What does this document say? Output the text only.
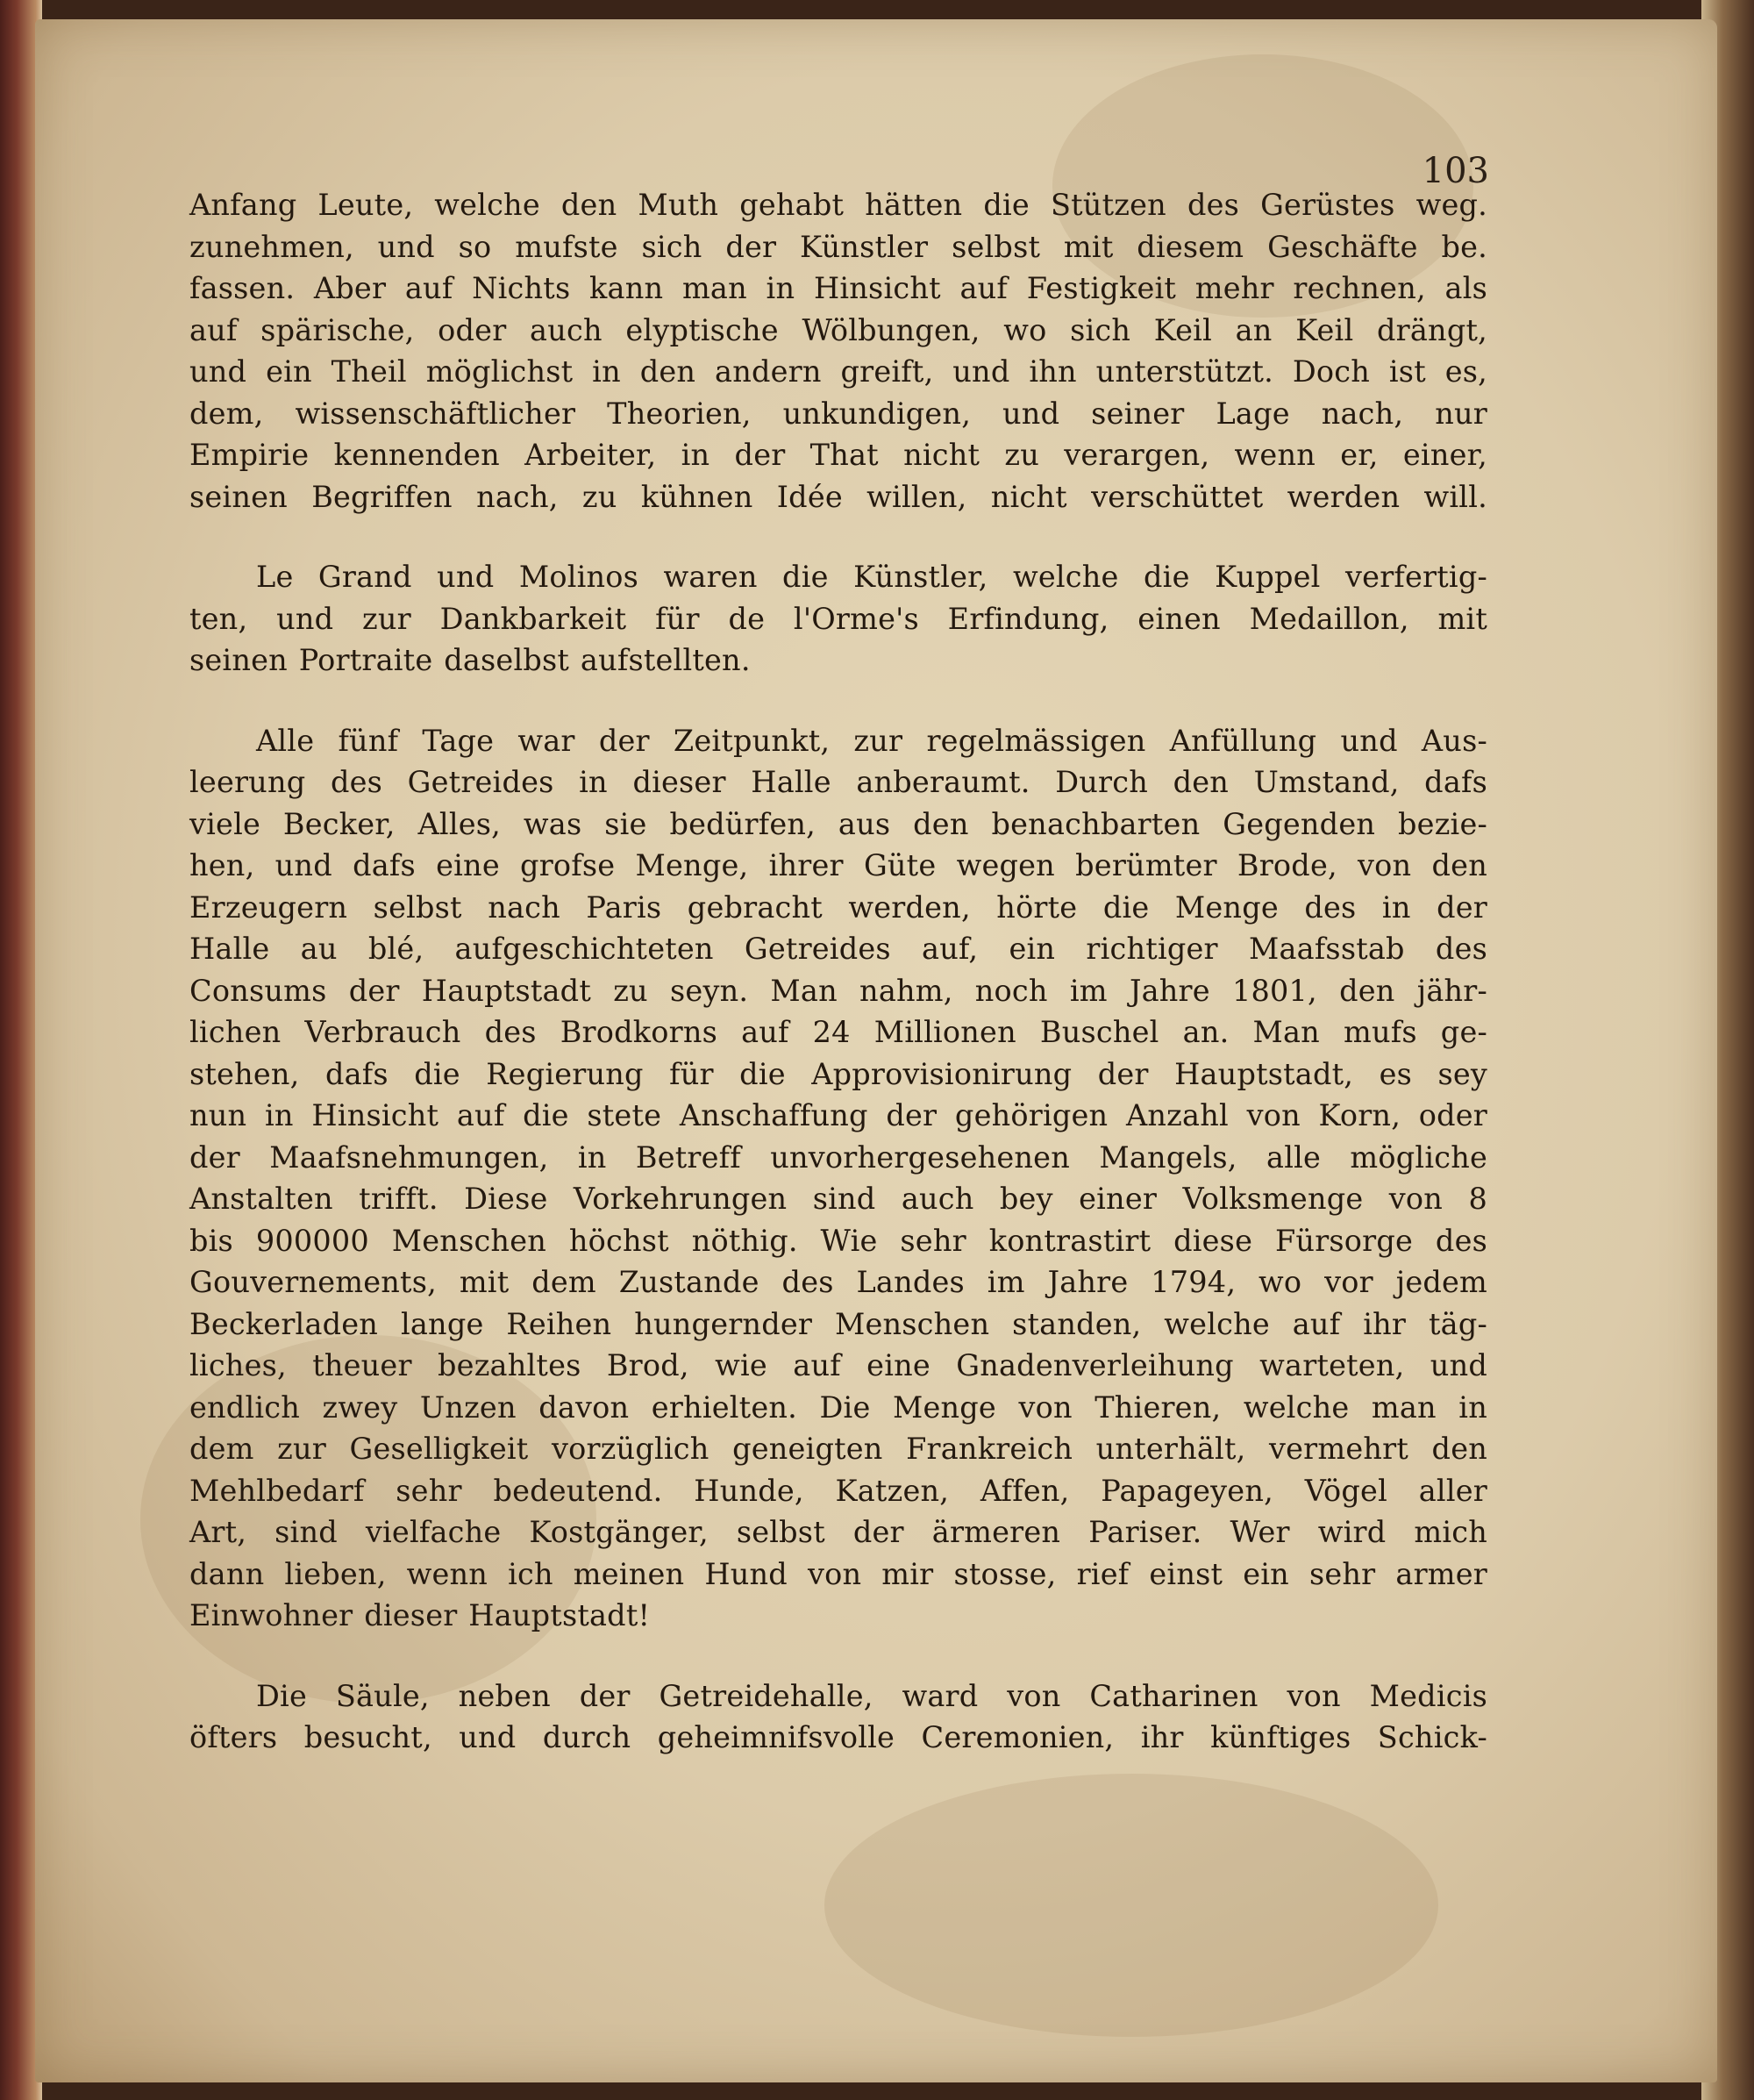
103
Anfang Leute, welche den Muth gehabt hätten die Stützen des Gerüstes weg.
zunehmen, und so mufste sich der Künstler selbst mit diesem Geschäfte be.
fassen. Aber auf Nichts kann man in Hinsicht auf Festigkeit mehr rechnen, als
auf spärische, oder auch elyptische Wölbungen, wo sich Keil an Keil drängt,
und ein Theil möglichst in den andern greift, und ihn unterstützt. Doch ist es,
dem, wissenschäftlicher Theorien, unkundigen, und seiner Lage nach, nur
Empirie kennenden Arbeiter, in der That nicht zu verargen, wenn er, einer,
seinen Begriffen nach, zu kühnen Idée willen, nicht verschüttet werden will.
Le Grand und Molinos waren die Künstler, welche die Kuppel verfertig-
ten, und zur Dankbarkeit für de l'Orme's Erfindung, einen Medaillon, mit
seinen Portraite daselbst aufstellten.
Alle fünf Tage war der Zeitpunkt, zur regelmässigen Anfüllung und Aus-
leerung des Getreides in dieser Halle anberaumt. Durch den Umstand, dafs
viele Becker, Alles, was sie bedürfen, aus den benachbarten Gegenden bezie-
hen, und dafs eine grofse Menge, ihrer Güte wegen berümter Brode, von den
Erzeugern selbst nach Paris gebracht werden, hörte die Menge des in der
Halle au blé, aufgeschichteten Getreides auf, ein richtiger Maafsstab des
Consums der Hauptstadt zu seyn. Man nahm, noch im Jahre 1801, den jähr-
lichen Verbrauch des Brodkorns auf 24 Millionen Buschel an. Man mufs ge-
stehen, dafs die Regierung für die Approvisionirung der Hauptstadt, es sey
nun in Hinsicht auf die stete Anschaffung der gehörigen Anzahl von Korn, oder
der Maafsnehmungen, in Betreff unvorhergesehenen Mangels, alle mögliche
Anstalten trifft. Diese Vorkehrungen sind auch bey einer Volksmenge von 8
bis 900000 Menschen höchst nöthig. Wie sehr kontrastirt diese Fürsorge des
Gouvernements, mit dem Zustande des Landes im Jahre 1794, wo vor jedem
Beckerladen lange Reihen hungernder Menschen standen, welche auf ihr täg-
liches, theuer bezahltes Brod, wie auf eine Gnadenverleihung warteten, und
endlich zwey Unzen davon erhielten. Die Menge von Thieren, welche man in
dem zur Geselligkeit vorzüglich geneigten Frankreich unterhält, vermehrt den
Mehlbedarf sehr bedeutend. Hunde, Katzen, Affen, Papageyen, Vögel aller
Art, sind vielfache Kostgänger, selbst der ärmeren Pariser. Wer wird mich
dann lieben, wenn ich meinen Hund von mir stosse, rief einst ein sehr armer
Einwohner dieser Hauptstadt!
Die Säule, neben der Getreidehalle, ward von Catharinen von Medicis
öfters besucht, und durch geheimnifsvolle Ceremonien, ihr künftiges Schick-
